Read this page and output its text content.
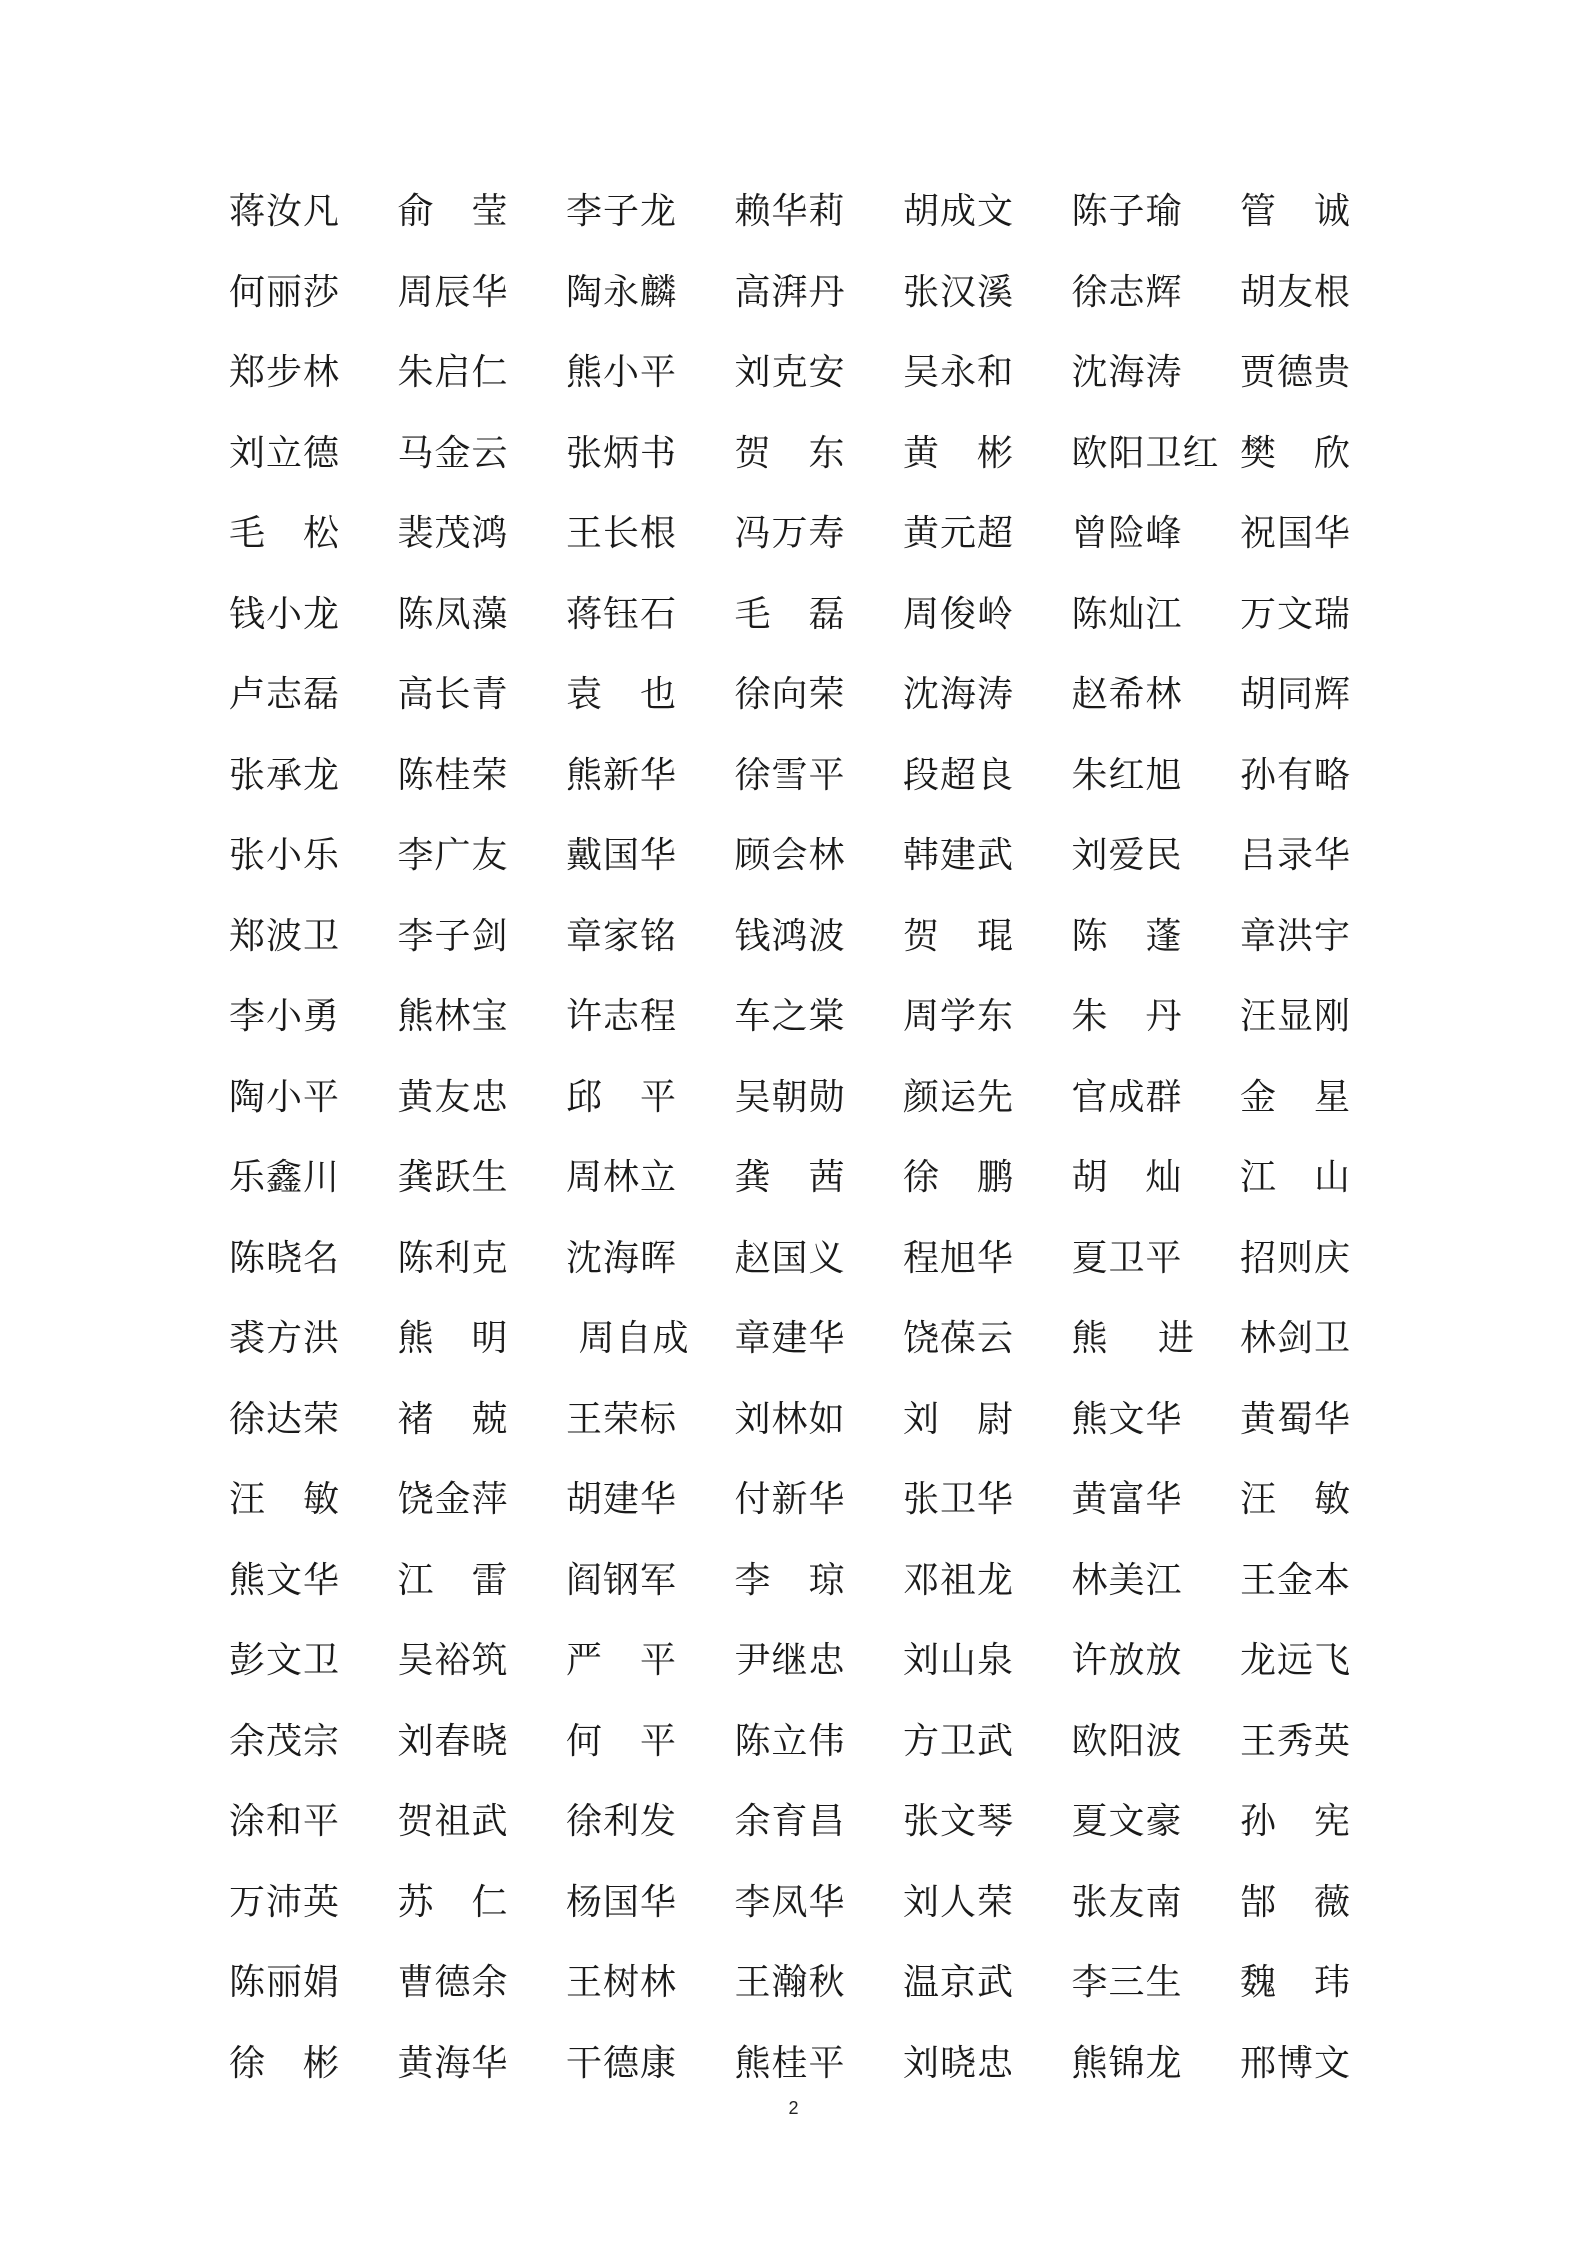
蒋汝凡	俞　莹	李子龙	赖华莉	胡成文	陈子瑜	管　诚
何丽莎	周辰华	陶永麟	高湃丹	张汉溪	徐志辉	胡友根
郑步林	朱启仁	熊小平	刘克安	吴永和	沈海涛	贾德贵
刘立德	马金云	张炳书	贺　东	黄　彬	欧阳卫红 樊　欣
毛　松	裴茂鸿	王长根	冯万寿	黄元超	曾险峰	祝国华
钱小龙	陈凤藻	蒋钰石	毛　磊	周俊岭	陈灿江	万文瑞
卢志磊	高长青	袁　也	徐向荣	沈海涛	赵希林	胡同辉
张承龙	陈桂荣	熊新华	徐雪平	段超良	朱红旭	孙有略
张小乐	李广友	戴国华	顾会林	韩建武	刘爱民	吕录华
郑波卫	李子剑	章家铭	钱鸿波	贺　琨	陈　蓬	章洪宇
李小勇	熊林宝	许志程	车之棠	周学东	朱　丹	汪显刚
陶小平	黄友忠	邱　平	吴朝勋	颜运先	官成群	金　星
乐鑫川	龚跃生	周林立	龚　茜	徐　鹏	胡　灿	江　山
陈晓名	陈利克	沈海晖	赵国义	程旭华	夏卫平	招则庆
裘方洪	熊　明	周自成	章建华	饶葆云	熊　 进	林剑卫
徐达荣	褚　兢	王荣标	刘林如	刘　尉	熊文华	黄蜀华
汪　敏	饶金萍	胡建华	付新华	张卫华	黄富华	汪　敏
熊文华	江　雷	阎钢军	李　琼	邓祖龙	林美江	王金本
彭文卫	吴裕筑	严　平	尹继忠	刘山泉	许放放	龙远飞
余茂宗	刘春晓	何　平	陈立伟	方卫武	欧阳波	王秀英
涂和平	贺祖武	徐利发	余育昌	张文琴	夏文豪	孙　宪
万沛英	苏　仁	杨国华	李凤华	刘人荣	张友南	郜　薇
陈丽娟	曹德余	王树林	王瀚秋	温京武	李三生	魏　玮
徐　彬	黄海华	干德康	熊桂平	刘晓忠	熊锦龙	邢博文
2
